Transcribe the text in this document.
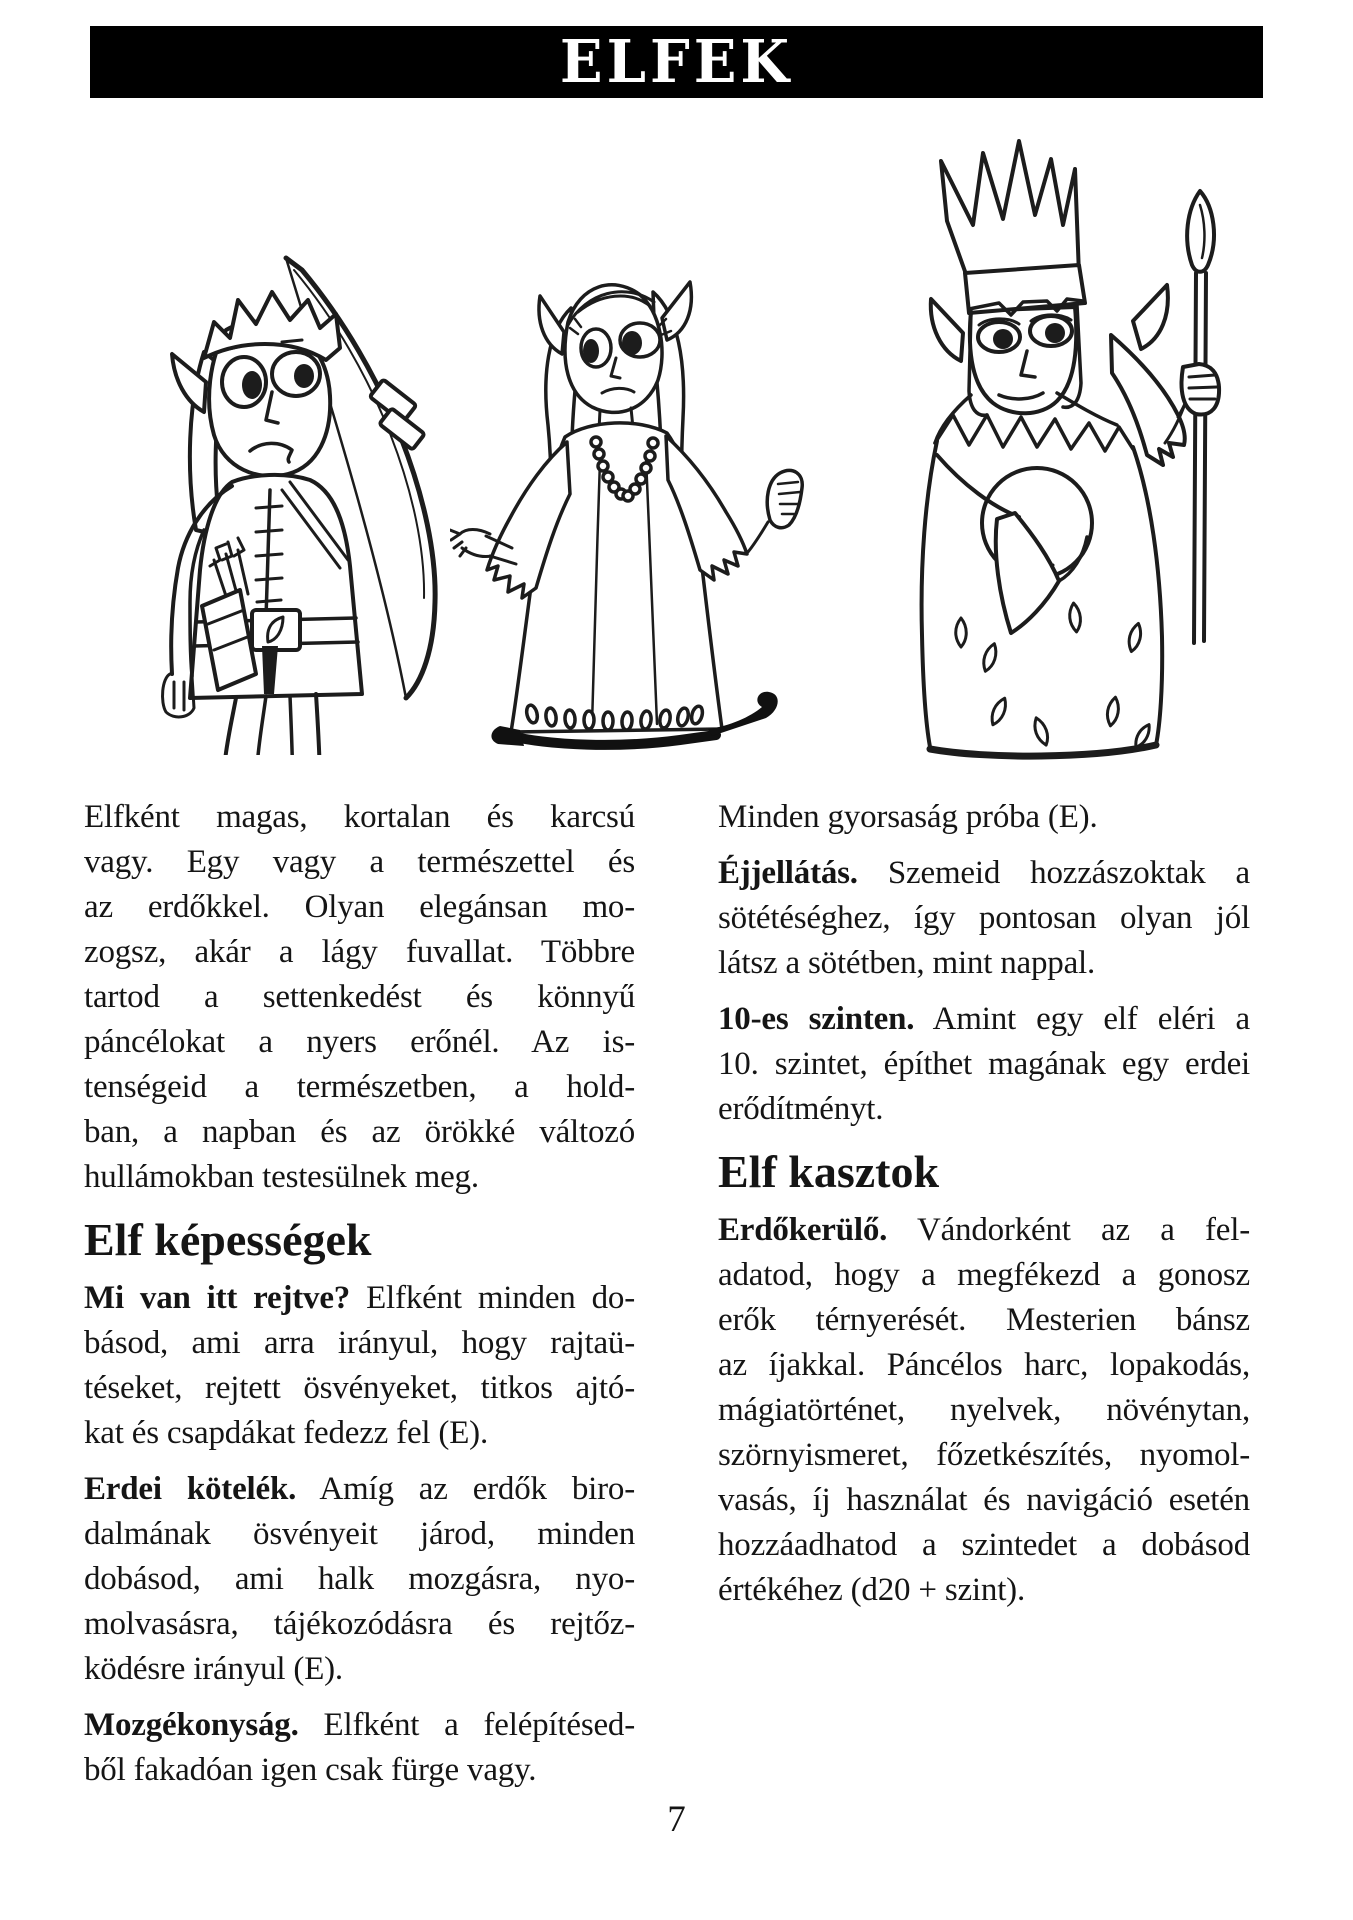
ELFEK
Elfként magas, kortalan és karcsú
vagy. Egy vagy a természettel és
az erdőkkel. Olyan elegánsan mo-
zogsz, akár a lágy fuvallat. Többre
tartod a settenkedést és könnyű
páncélokat a nyers erőnél. Az is-
tenségeid a természetben, a hold-
ban, a napban és az örökké változó
hullámokban testesülnek meg.
Elf képességek
Mi van itt rejtve? Elfként minden do-
básod, ami arra irányul, hogy rajtaü-
téseket, rejtett ösvényeket, titkos ajtó-
kat és csapdákat fedezz fel (E).
Erdei kötelék. Amíg az erdők biro-
dalmának ösvényeit járod, minden
dobásod, ami halk mozgásra, nyo-
molvasásra, tájékozódásra és rejtőz-
ködésre irányul (E).
Mozgékonyság. Elfként a felépítésed-
ből fakadóan igen csak fürge vagy.
Minden gyorsaság próba (E).
Éjjellátás. Szemeid hozzászoktak a
sötétéséghez, így pontosan olyan jól
látsz a sötétben, mint nappal.
10-es szinten. Amint egy elf eléri a
10. szintet, építhet magának egy erdei
erődítményt.
Elf kasztok
Erdőkerülő. Vándorként az a fel-
adatod, hogy a megfékezd a gonosz
erők térnyerését. Mesterien bánsz
az íjakkal. Páncélos harc, lopakodás,
mágiatörténet, nyelvek, növénytan,
szörnyismeret, főzetkészítés, nyomol-
vasás, íj használat és navigáció esetén
hozzáadhatod a szintedet a dobásod
értékéhez (d20 + szint).
7
